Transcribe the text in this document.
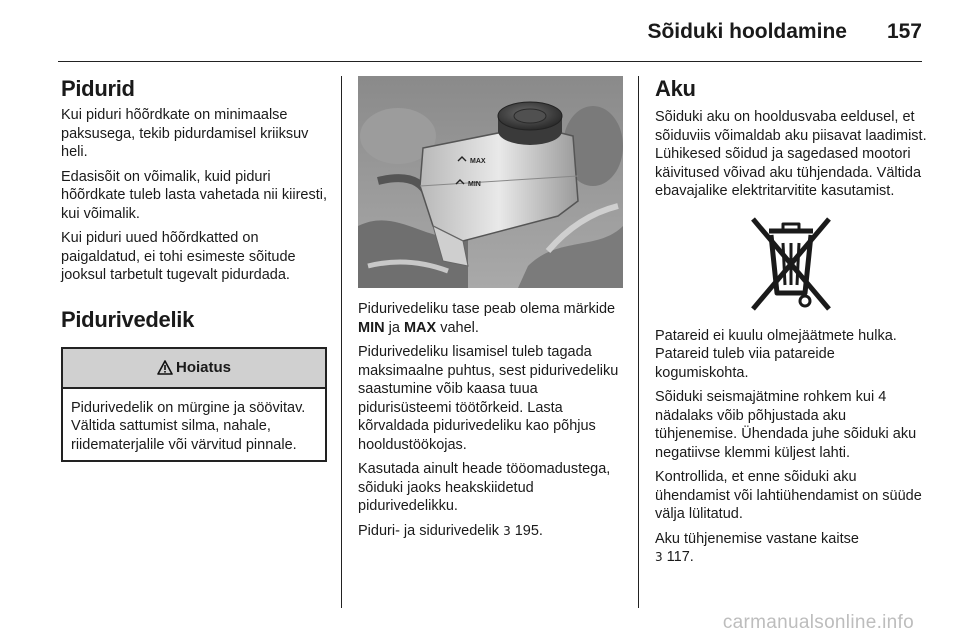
Sõiduki hooldamine 157
Pidurid

Kui piduri hõõrdkate on minimaalse paksusega, tekib pidurdamisel kriiksuv heli.

Edasisõit on võimalik, kuid piduri hõõrdkate tuleb lasta vahetada nii kiiresti, kui võimalik.

Kui piduri uued hõõrdkatted on paigaldatud, ei tohi esimeste sõitude jooksul tarbetult tugevalt pidurdada.

Pidurivedelik
Hoiatus

Pidurivedelik on mürgine ja söövitav. Vältida sattumist silma, nahale, riidematerjalile või värvitud pinnale.

MAX
MIN

Pidurivedeliku tase peab olema märkide MIN ja MAX vahel.

Pidurivedeliku lisamisel tuleb tagada maksimaalne puhtus, sest pidurivedeliku saastumine võib kaasa tuua pidurisüsteemi töötõrkeid. Lasta kõrvaldada pidurivedeliku kao põhjus hooldustöökojas.

Kasutada ainult heade tööomadustega, sõiduki jaoks heakskiidetud pidurivedelikku.

Piduri- ja sidurivedelik 3 195.

Aku

Sõiduki aku on hooldusvaba eeldusel, et sõiduviis võimaldab aku piisavat laadimist. Lühikesed sõidud ja sagedased mootori käivitused võivad aku tühjendada. Vältida ebavajalike elektritarvitite kasutamist.

Patareid ei kuulu olmejäätmete hulka. Patareid tuleb viia patareide kogumiskohta.

Sõiduki seismajätmine rohkem kui 4 nädalaks võib põhjustada aku tühjenemise. Ühendada juhe sõiduki aku negatiivse klemmi küljest lahti.

Kontrollida, et enne sõiduki aku ühendamist või lahtiühendamist on süüde välja lülitatud.

Aku tühjenemise vastane kaitse
3 117.

carmanualsonline.info
